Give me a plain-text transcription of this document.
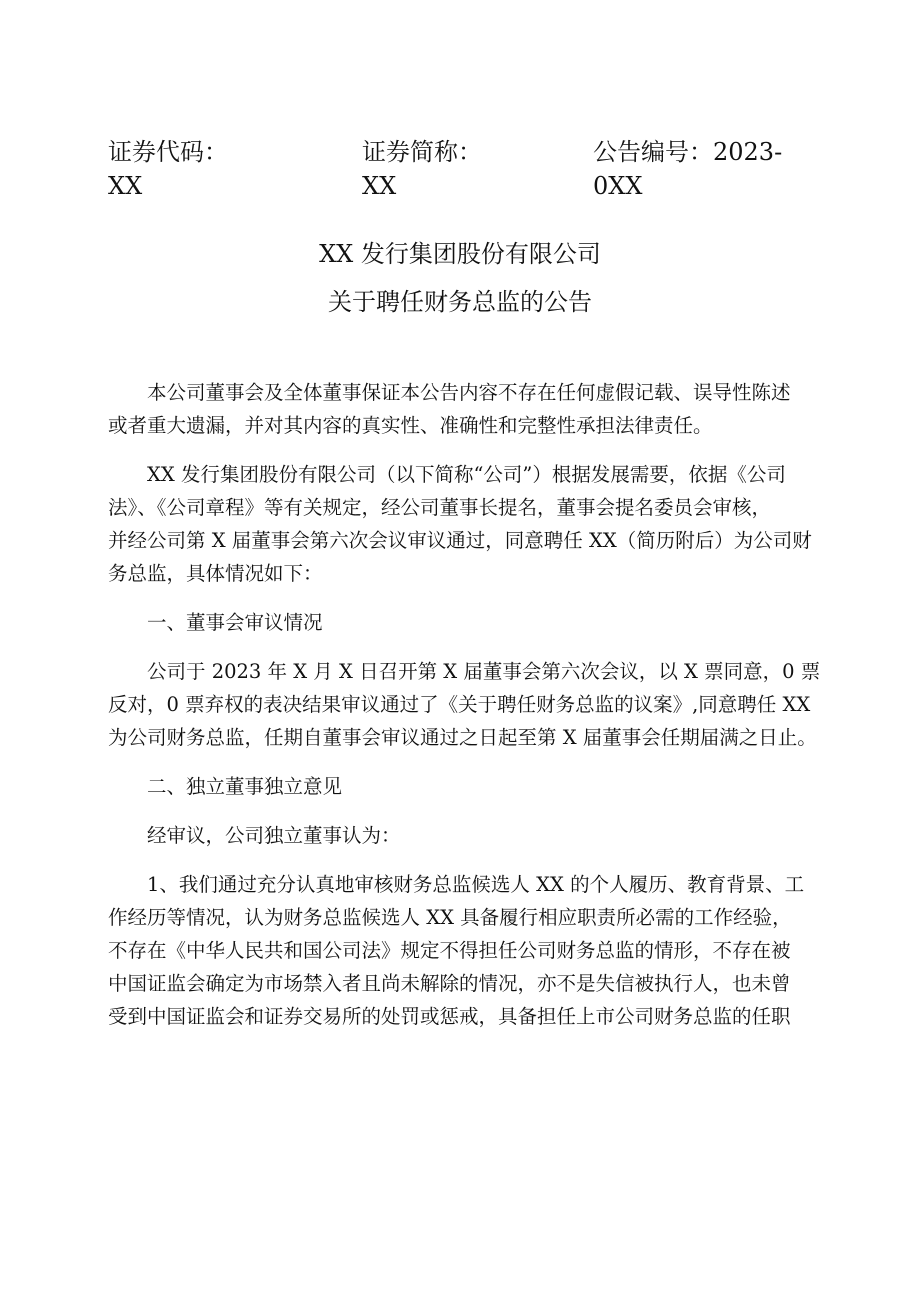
证券代码：
XX
证券简称：
XX
公告编号：2023-
0XX
XX 发行集团股份有限公司
关于聘任财务总监的公告
本公司董事会及全体董事保证本公告内容不存在任何虚假记载、误导性陈述
或者重大遗漏，并对其内容的真实性、准确性和完整性承担法律责任。
XX 发行集团股份有限公司（以下简称“公司”）根据发展需要，依据《公司
法》、《公司章程》等有关规定，经公司董事长提名，董事会提名委员会审核，
并经公司第 X 届董事会第六次会议审议通过，同意聘任 XX（简历附后）为公司财
务总监，具体情况如下：
一、董事会审议情况
公司于 2023 年 X 月 X 日召开第 X 届董事会第六次会议，以 X 票同意，0 票
反对，0 票弃权的表决结果审议通过了《关于聘任财务总监的议案》,同意聘任 XX
为公司财务总监，任期自董事会审议通过之日起至第 X 届董事会任期届满之日止。
二、独立董事独立意见
经审议，公司独立董事认为：
1、我们通过充分认真地审核财务总监候选人 XX 的个人履历、教育背景、工
作经历等情况，认为财务总监候选人 XX 具备履行相应职责所必需的工作经验，
不存在《中华人民共和国公司法》规定不得担任公司财务总监的情形，不存在被
中国证监会确定为市场禁入者且尚未解除的情况，亦不是失信被执行人，也未曾
受到中国证监会和证券交易所的处罚或惩戒，具备担任上市公司财务总监的任职
